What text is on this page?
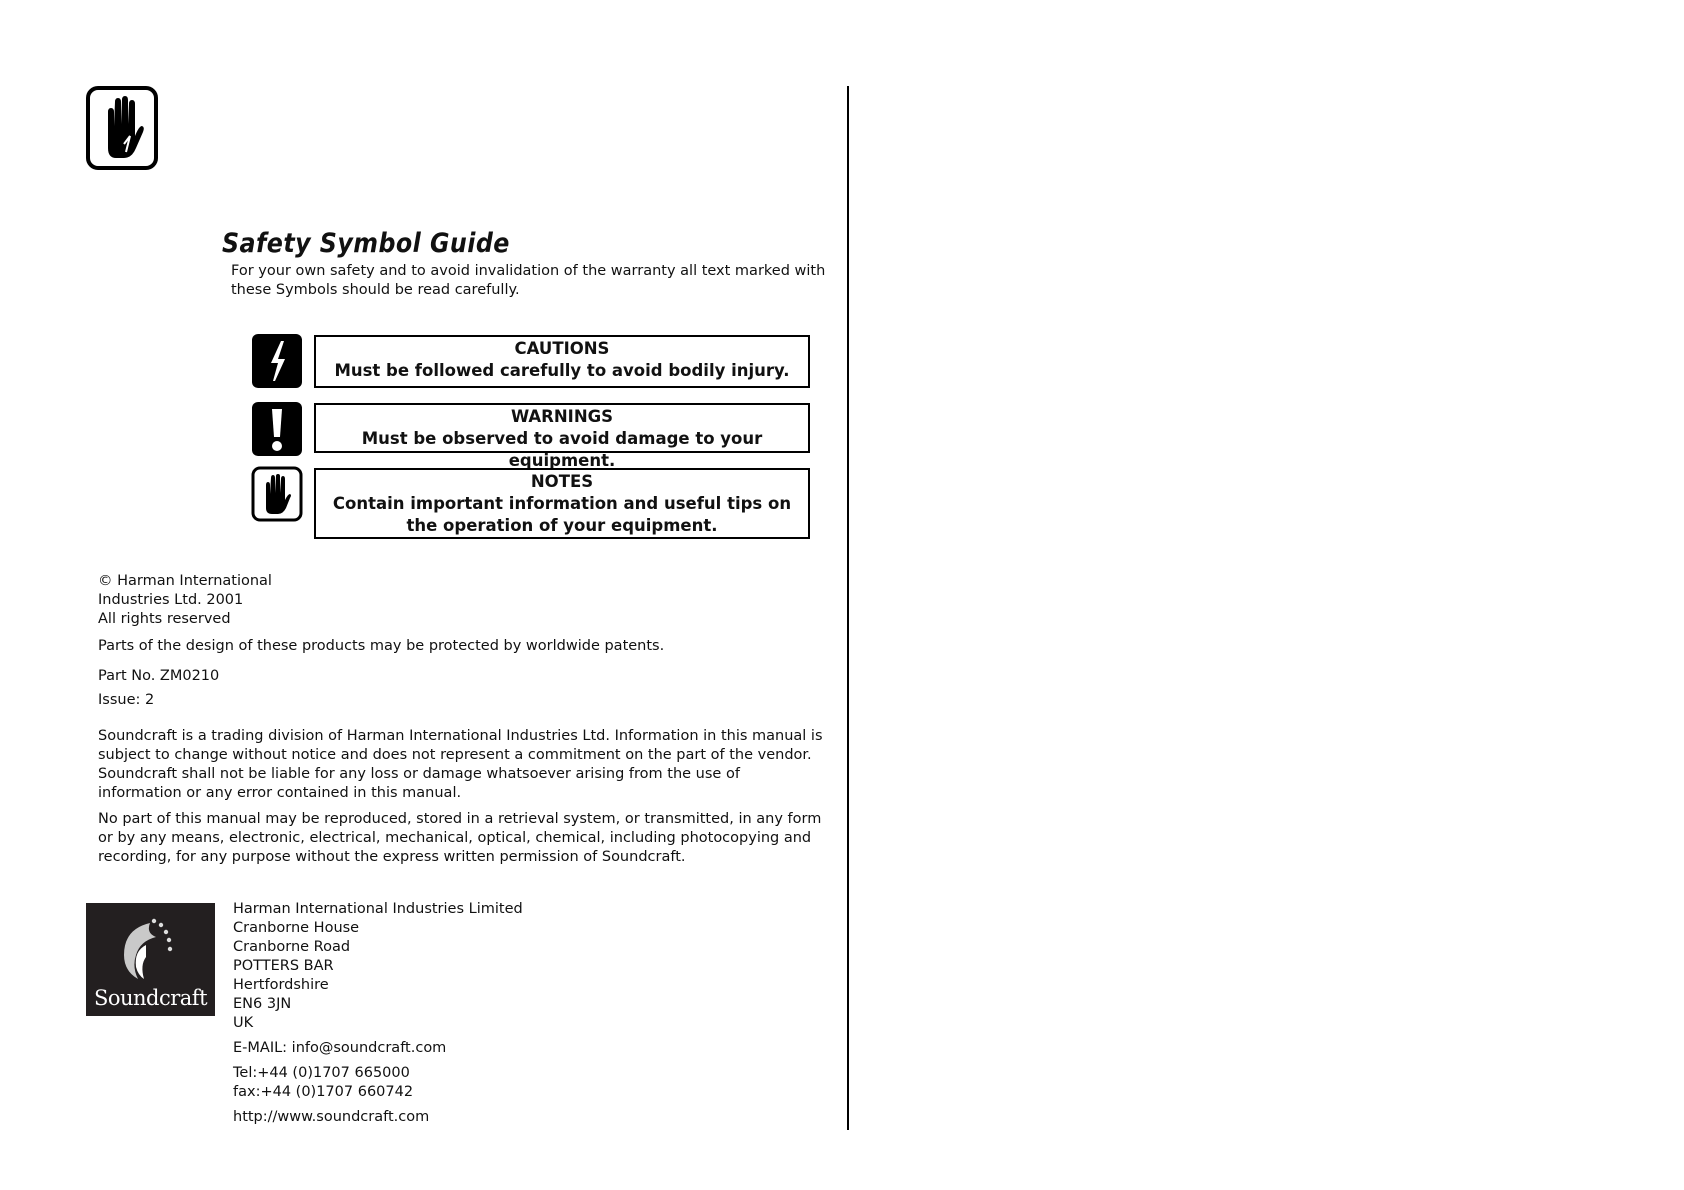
Safety Symbol Guide
For your own safety and to avoid invalidation of the warranty all text marked with these Symbols should be read carefully.
CAUTIONS
Must be followed carefully to avoid bodily injury.
WARNINGS
Must be observed to avoid damage to your equipment.
NOTES
Contain important information and useful tips on the operation of your equipment.
© Harman International
Industries Ltd. 2001
All rights reserved
Parts of the design of these products may be protected by worldwide patents.
Part No. ZM0210
Issue: 2
Soundcraft is a trading division of Harman International Industries Ltd. Information in this manual is subject to change without notice and does not represent a commitment on the part of the vendor. Soundcraft shall not be liable for any loss or damage whatsoever arising from the use of information or any error contained in this manual.
No part of this manual may be reproduced, stored in a retrieval system, or transmitted, in any form or by any means, electronic, electrical, mechanical, optical, chemical, including photocopying and recording, for any purpose without the express written permission of Soundcraft.
Soundcraft
Harman International Industries Limited
Cranborne House
Cranborne Road
POTTERS BAR
Hertfordshire
EN6 3JN
UK
E-MAIL: info@soundcraft.com
Tel:+44 (0)1707 665000
fax:+44 (0)1707 660742
http://www.soundcraft.com
